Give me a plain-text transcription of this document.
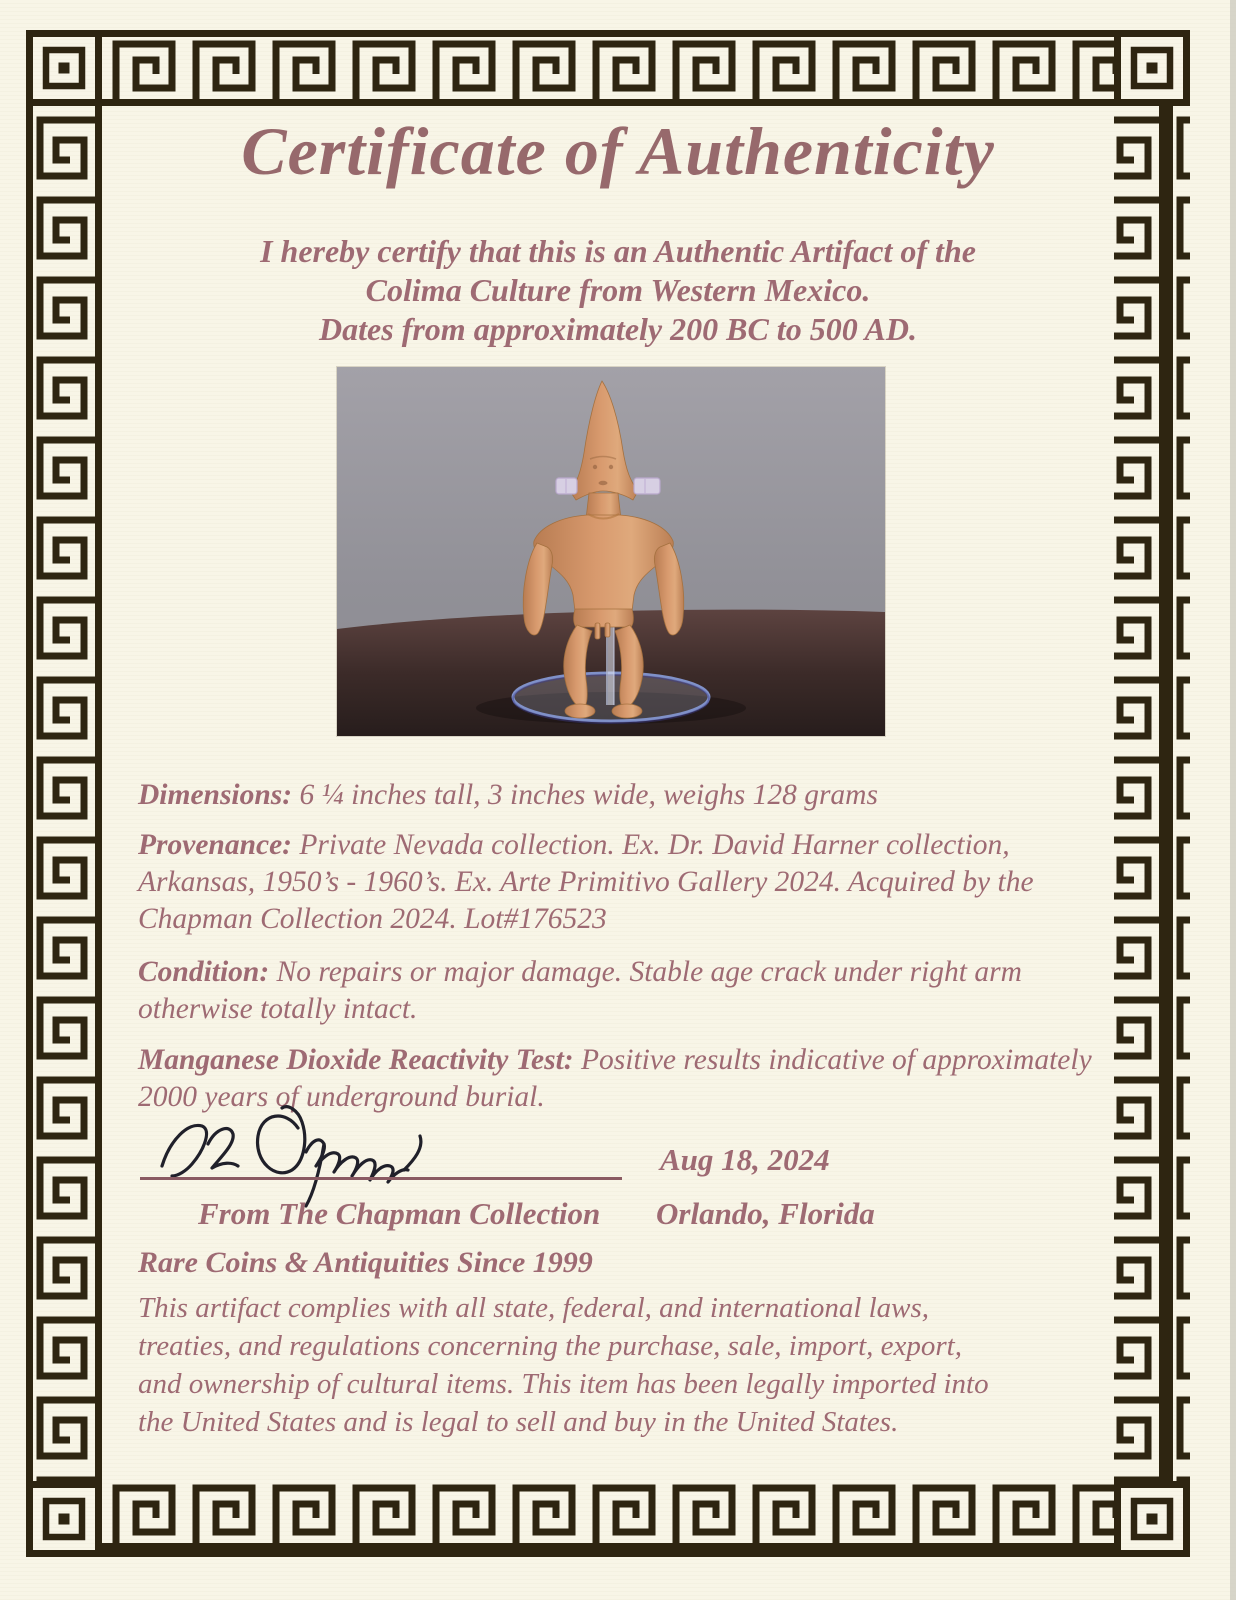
Certificate of Authenticity
I hereby certify that this is an Authentic Artifact of the
Colima Culture from Western Mexico.
Dates from approximately 200 BC to 500 AD.

Dimensions: 6 ¼ inches tall, 3 inches wide, weighs 128 grams

Provenance: Private Nevada collection. Ex. Dr. David Harner collection, Arkansas, 1950’s - 1960’s. Ex. Arte Primitivo Gallery 2024. Acquired by the Chapman Collection 2024. Lot#176523

Condition: No repairs or major damage. Stable age crack under right arm otherwise totally intact.

Manganese Dioxide Reactivity Test: Positive results indicative of approximately 2000 years of underground burial.

Aug 18, 2024
From The Chapman Collection Orlando, Florida
Rare Coins & Antiquities Since 1999
This artifact complies with all state, federal, and international laws,
treaties, and regulations concerning the purchase, sale, import, export,
and ownership of cultural items. This item has been legally imported into
the United States and is legal to sell and buy in the United States.
